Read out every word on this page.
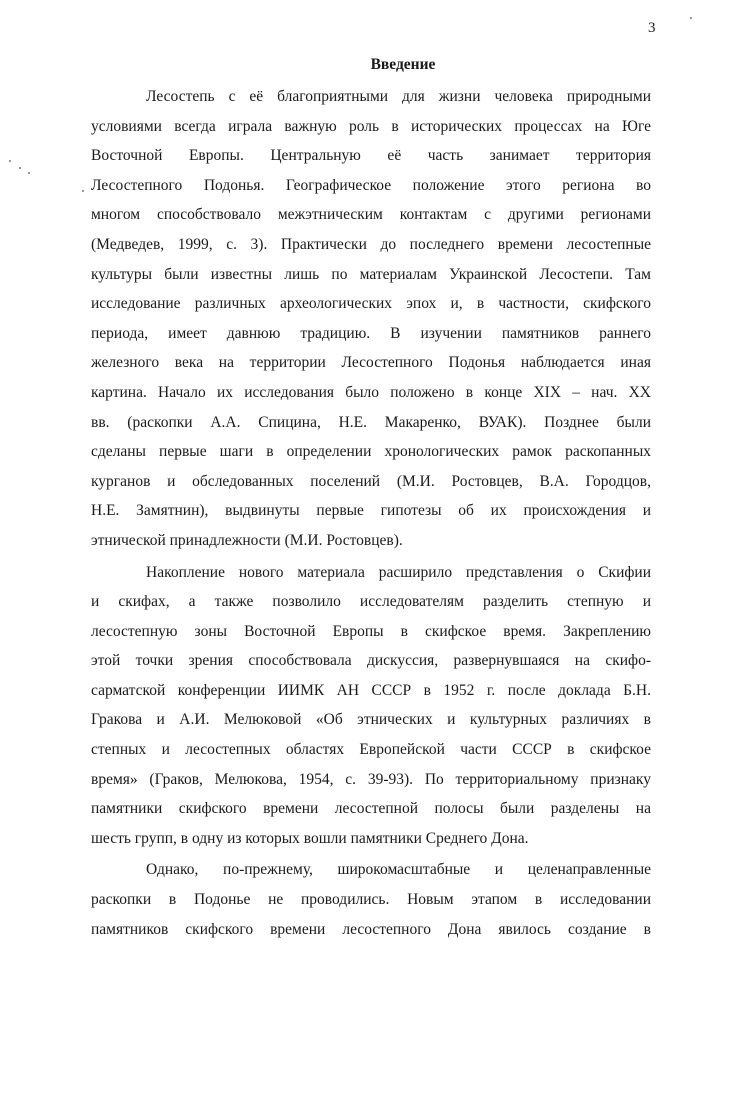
3
Введение
Лесостепь с её благоприятными для жизни человека природными
условиями всегда играла важную роль в исторических процессах на Юге
Восточной Европы. Центральную её часть занимает территория
Лесостепного Подонья. Географическое положение этого региона во
многом способствовало межэтническим контактам с другими регионами
(Медведев, 1999, с. 3). Практически до последнего времени лесостепные
культуры были известны лишь по материалам Украинской Лесостепи. Там
исследование различных археологических эпох и, в частности, скифского
периода, имеет давнюю традицию. В изучении памятников раннего
железного века на территории Лесостепного Подонья наблюдается иная
картина. Начало их исследования было положено в конце XIX – нач. XX
вв. (раскопки А.А. Спицина, Н.Е. Макаренко, ВУАК). Позднее были
сделаны первые шаги в определении хронологических рамок раскопанных
курганов и обследованных поселений (М.И. Ростовцев, В.А. Городцов,
Н.Е. Замятнин), выдвинуты первые гипотезы об их происхождения и
этнической принадлежности (М.И. Ростовцев).
Накопление нового материала расширило представления о Скифии
и скифах, а также позволило исследователям разделить степную и
лесостепную зоны Восточной Европы в скифское время. Закреплению
этой точки зрения способствовала дискуссия, развернувшаяся на скифо-
сарматской конференции ИИМК АН СССР в 1952 г. после доклада Б.Н.
Гракова и А.И. Мелюковой «Об этнических и культурных различиях в
степных и лесостепных областях Европейской части СССР в скифское
время» (Граков, Мелюкова, 1954, с. 39-93). По территориальному признаку
памятники скифского времени лесостепной полосы были разделены на
шесть групп, в одну из которых вошли памятники Среднего Дона.
Однако, по-прежнему, широкомасштабные и целенаправленные
раскопки в Подонье не проводились. Новым этапом в исследовании
памятников скифского времени лесостепного Дона явилось создание в
